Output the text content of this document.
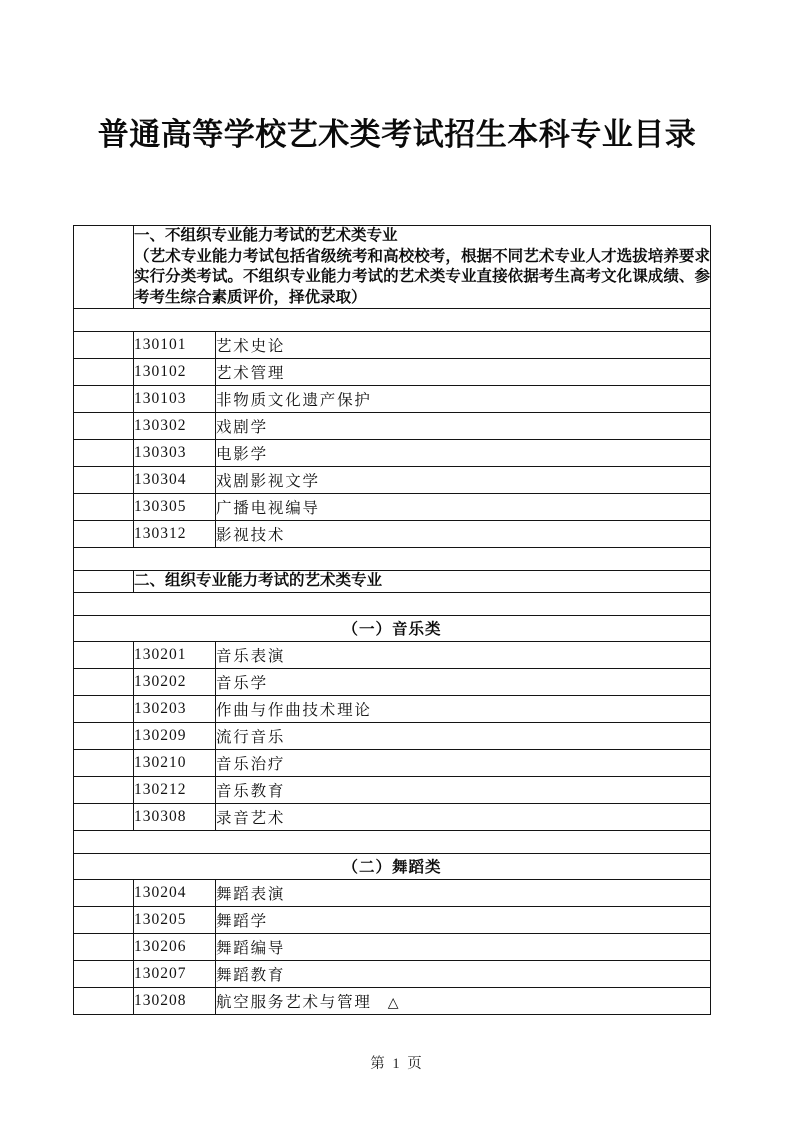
普通高等学校艺术类考试招生本科专业目录

	一、不组织专业能力考试的艺术类专业
（艺术专业能力考试包括省级统考和高校校考，根据不同艺术专业人才选拔培养要求实行分类考试。不组织专业能力考试的艺术类专业直接依据考生高考文化课成绩、参考考生综合素质评价，择优录取）	

	130101	艺术史论
	130102	艺术管理
	130103	非物质文化遗产保护
	130302	戏剧学
	130303	电影学
	130304	戏剧影视文学
	130305	广播电视编导
	130312	影视技术

	二、组织专业能力考试的艺术类专业	

（一）音乐类		
	130201	音乐表演
	130202	音乐学
	130203	作曲与作曲技术理论
	130209	流行音乐
	130210	音乐治疗
	130212	音乐教育
	130308	录音艺术

（二）舞蹈类		
	130204	舞蹈表演
	130205	舞蹈学
	130206	舞蹈编导
	130207	舞蹈教育
	130208	航空服务艺术与管理 △
第 1 页
